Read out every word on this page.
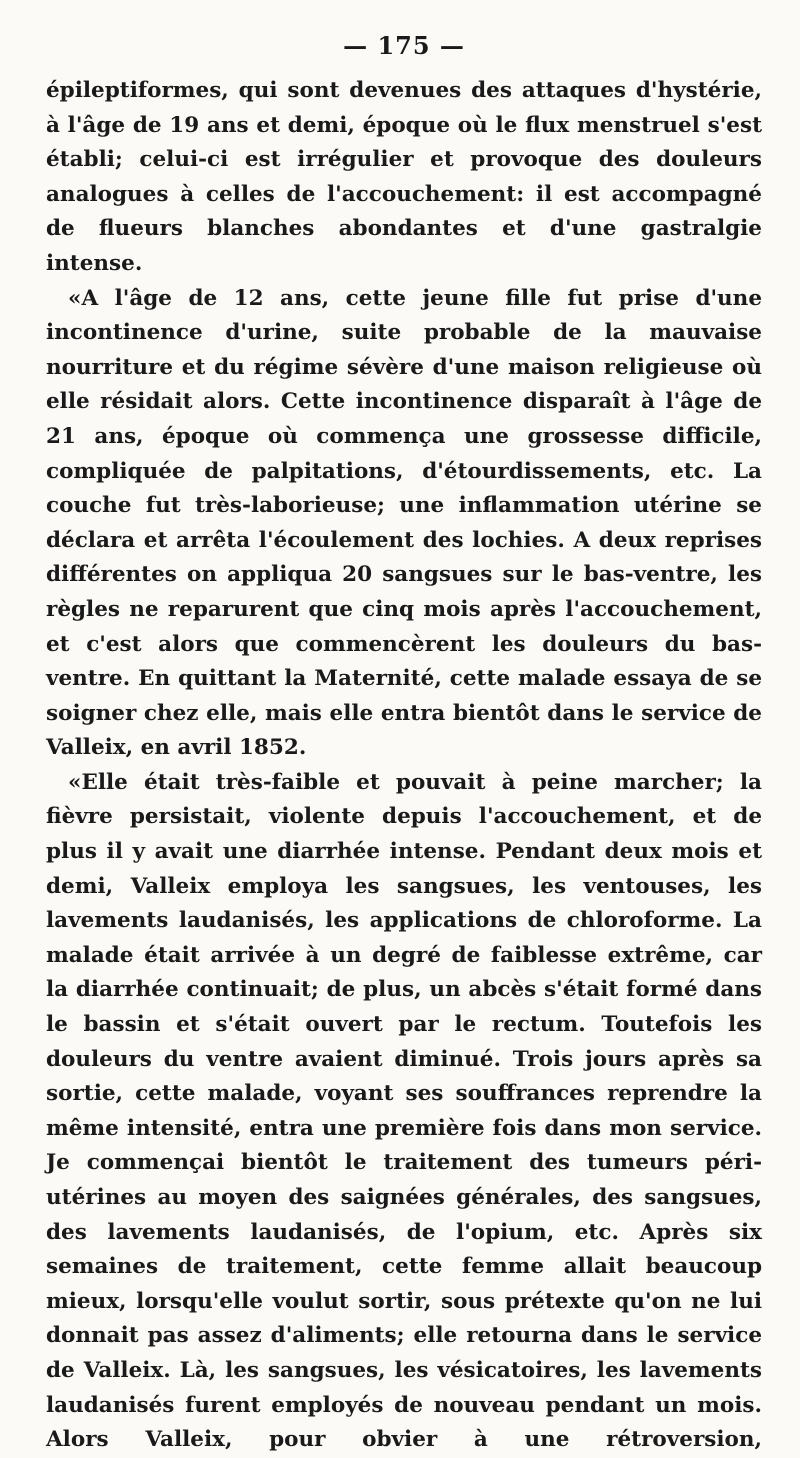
— 175 —

épileptiformes, qui sont devenues des attaques d'hystérie, à l'âge de 19 ans et demi, époque où le flux menstruel s'est établi; celui-ci est irrégulier et provoque des douleurs analogues à celles de l'accouchement: il est accompagné de flueurs blanches abondantes et d'une gastralgie intense.

«A l'âge de 12 ans, cette jeune fille fut prise d'une incontinence d'urine, suite probable de la mauvaise nourriture et du régime sévère d'une maison religieuse où elle résidait alors. Cette incontinence disparaît à l'âge de 21 ans, époque où commença une grossesse difficile, compliquée de palpitations, d'étourdissements, etc. La couche fut très-laborieuse; une inflammation utérine se déclara et arrêta l'écoulement des lochies. A deux reprises différentes on appliqua 20 sangsues sur le bas-ventre, les règles ne reparurent que cinq mois après l'accouchement, et c'est alors que commencèrent les douleurs du bas-ventre. En quittant la Maternité, cette malade essaya de se soigner chez elle, mais elle entra bientôt dans le service de Valleix, en avril 1852.

«Elle était très-faible et pouvait à peine marcher; la fièvre persistait, violente depuis l'accouchement, et de plus il y avait une diarrhée intense. Pendant deux mois et demi, Valleix employa les sangsues, les ventouses, les lavements laudanisés, les applications de chloroforme. La malade était arrivée à un degré de faiblesse extrême, car la diarrhée continuait; de plus, un abcès s'était formé dans le bassin et s'était ouvert par le rectum. Toutefois les douleurs du ventre avaient diminué. Trois jours après sa sortie, cette malade, voyant ses souffrances reprendre la même intensité, entra une première fois dans mon service. Je commençai bientôt le traitement des tumeurs péri-utérines au moyen des saignées générales, des sangsues, des lavements laudanisés, de l'opium, etc. Après six semaines de traitement, cette femme allait beaucoup mieux, lorsqu'elle voulut sortir, sous prétexte qu'on ne lui donnait pas assez d'aliments; elle retourna dans le service de Valleix. Là, les sangsues, les vésicatoires, les lavements laudanisés furent employés de nouveau pendant un mois. Alors Valleix, pour obvier à une rétroversion,
